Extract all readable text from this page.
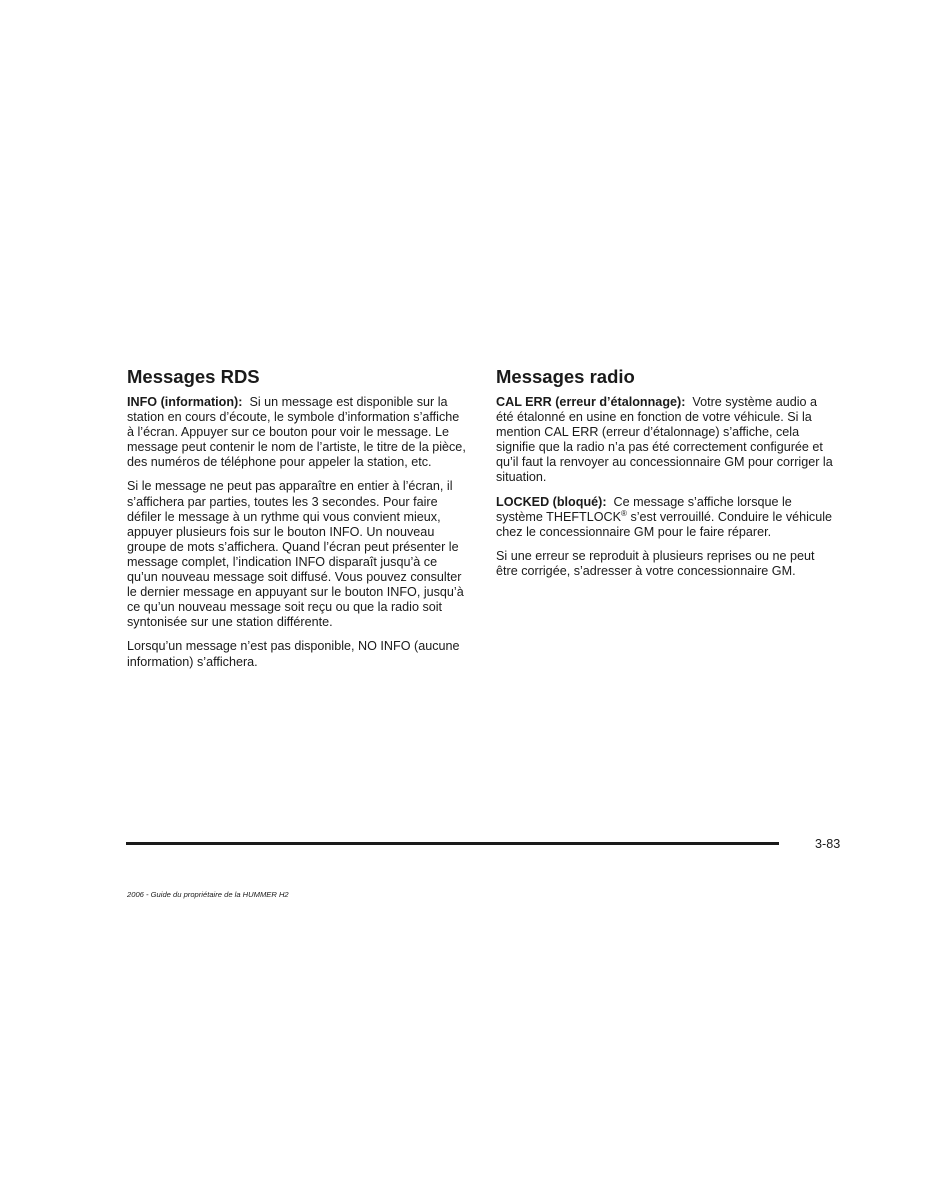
Messages RDS

INFO (information): Si un message est disponible sur la station en cours d’écoute, le symbole d’information s’affiche à l’écran. Appuyer sur ce bouton pour voir le message. Le message peut contenir le nom de l’artiste, le titre de la pièce, des numéros de téléphone pour appeler la station, etc.

Si le message ne peut pas apparaître en entier à l’écran, il s’affichera par parties, toutes les 3 secondes. Pour faire défiler le message à un rythme qui vous convient mieux, appuyer plusieurs fois sur le bouton INFO. Un nouveau groupe de mots s’affichera. Quand l’écran peut présenter le message complet, l’indication INFO disparaît jusqu’à ce qu’un nouveau message soit diffusé. Vous pouvez consulter le dernier message en appuyant sur le bouton INFO, jusqu’à ce qu’un nouveau message soit reçu ou que la radio soit syntonisée sur une station différente.

Lorsqu’un message n’est pas disponible, NO INFO (aucune information) s’affichera.

Messages radio

CAL ERR (erreur d’étalonnage): Votre système audio a été étalonné en usine en fonction de votre véhicule. Si la mention CAL ERR (erreur d’étalonnage) s’affiche, cela signifie que la radio n’a pas été correctement configurée et qu’il faut la renvoyer au concessionnaire GM pour corriger la situation.

LOCKED (bloqué): Ce message s’affiche lorsque le système THEFTLOCK® s’est verrouillé. Conduire le véhicule chez le concessionnaire GM pour le faire réparer.

Si une erreur se reproduit à plusieurs reprises ou ne peut être corrigée, s’adresser à votre concessionnaire GM.

3-83
2006 - Guide du propriétaire de la HUMMER H2
